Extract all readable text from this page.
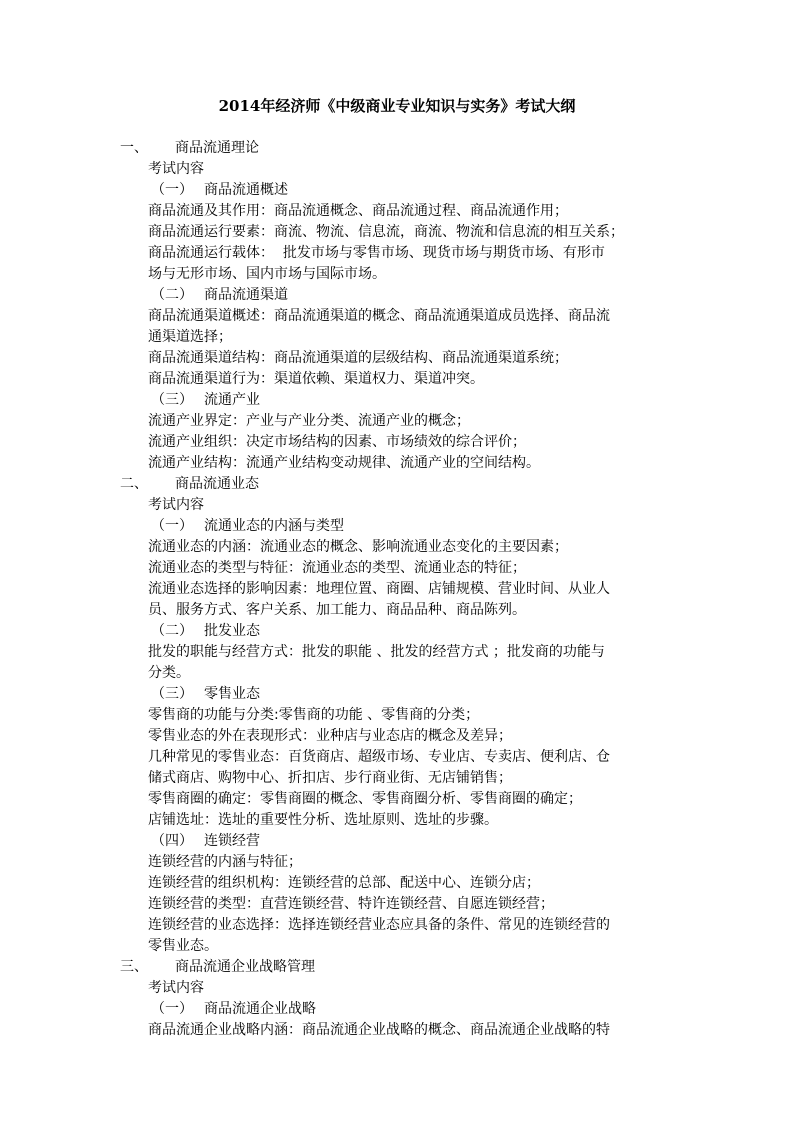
2014年经济师《中级商业专业知识与实务》考试大纲
一、 商品流通理论
考试内容
（一） 商品流通概述
商品流通及其作用：商品流通概念、商品流通过程、商品流通作用；
商品流通运行要素：商流、物流、信息流，商流、物流和信息流的相互关系；
商品流通运行载体：  批发市场与零售市场、现货市场与期货市场、有形市
场与无形市场、国内市场与国际市场。
（二） 商品流通渠道
商品流通渠道概述：商品流通渠道的概念、商品流通渠道成员选择、商品流
通渠道选择；
商品流通渠道结构：商品流通渠道的层级结构、商品流通渠道系统；
商品流通渠道行为：渠道依赖、渠道权力、渠道冲突。
（三） 流通产业
流通产业界定：产业与产业分类、流通产业的概念；
流通产业组织：决定市场结构的因素、市场绩效的综合评价；
流通产业结构：流通产业结构变动规律、流通产业的空间结构。
二、 商品流通业态
考试内容
（一） 流通业态的内涵与类型
流通业态的内涵：流通业态的概念、影响流通业态变化的主要因素；
流通业态的类型与特征：流通业态的类型、流通业态的特征；
流通业态选择的影响因素：地理位置、商圈、店铺规模、营业时间、从业人
员、服务方式、客户关系、加工能力、商品品种、商品陈列。
（二） 批发业态
批发的职能与经营方式：批发的职能 、批发的经营方式 ；批发商的功能与
分类。
（三） 零售业态
零售商的功能与分类:零售商的功能 、零售商的分类；
零售业态的外在表现形式：业种店与业态店的概念及差异；
几种常见的零售业态：百货商店、超级市场、专业店、专卖店、便利店、仓
储式商店、购物中心、折扣店、步行商业街、无店铺销售；
零售商圈的确定：零售商圈的概念、零售商圈分析、零售商圈的确定；
店铺选址：选址的重要性分析、选址原则、选址的步骤。
（四） 连锁经营
连锁经营的内涵与特征；
连锁经营的组织机构：连锁经营的总部、配送中心、连锁分店；
连锁经营的类型：直营连锁经营、特许连锁经营、自愿连锁经营；
连锁经营的业态选择：选择连锁经营业态应具备的条件、常见的连锁经营的
零售业态。
三、 商品流通企业战略管理
考试内容
（一） 商品流通企业战略
商品流通企业战略内涵：商品流通企业战略的概念、商品流通企业战略的特
